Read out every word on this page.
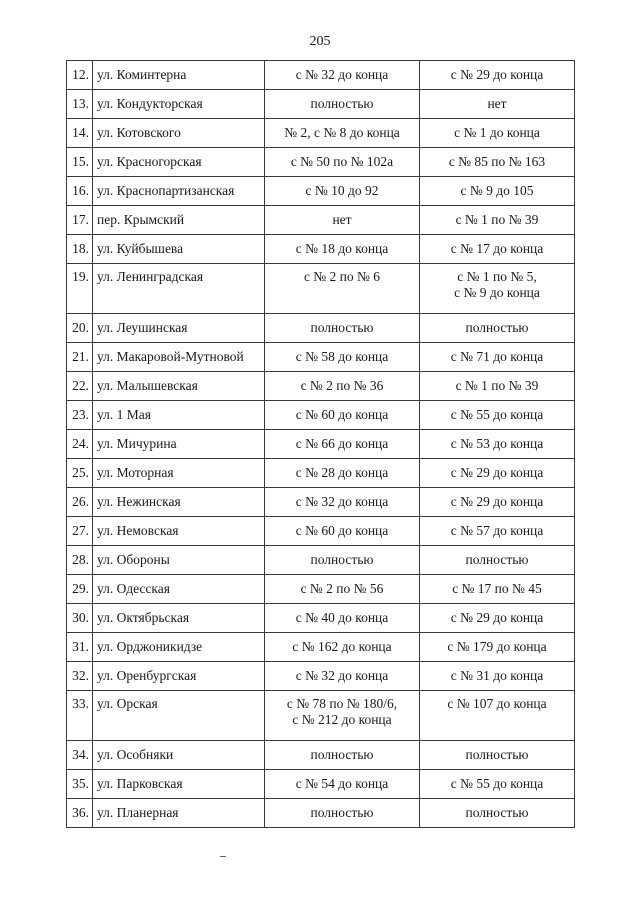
205
12.	ул. Коминтерна	с № 32 до конца	с № 29 до конца

13.	ул. Кондукторская	полностью	нет

14.	ул. Котовского	№ 2, с № 8 до конца	с № 1 до конца

15.	ул. Красногорская	с № 50 по № 102а	с № 85 по № 163

16.	ул. Краснопартизанская	с № 10 до 92	с № 9 до 105

17.	пер. Крымский	нет	с № 1 по № 39

18.	ул. Куйбышева	с № 18 до конца	с № 17 до конца

19.	ул. Ленинградская	с № 2 по № 6	с № 1 по № 5,
с № 9 до конца

20.	ул. Леушинская	полностью	полностью

21.	ул. Макаровой-Мутновой	с № 58 до конца	с № 71 до конца

22.	ул. Малышевская	с № 2 по № 36	с № 1 по № 39

23.	ул. 1 Мая	с № 60 до конца	с № 55 до конца

24.	ул. Мичурина	с № 66 до конца	с № 53 до конца

25.	ул. Моторная	с № 28 до конца	с № 29 до конца

26.	ул. Нежинская	с № 32 до конца	с № 29 до конца

27.	ул. Немовская	с № 60 до конца	с № 57 до конца

28.	ул. Обороны	полностью	полностью

29.	ул. Одесская	с № 2 по № 56	с № 17 по № 45

30.	ул. Октябрьская	с № 40 до конца	с № 29 до конца

31.	ул. Орджоникидзе	с № 162 до конца	с № 179 до конца

32.	ул. Оренбургская	с № 32 до конца	с № 31 до конца

33.	ул. Орская	с № 78 по № 180/6,
с № 212 до конца	с № 107 до конца

34.	ул. Особняки	полностью	полностью

35.	ул. Парковская	с № 54 до конца	с № 55 до конца

36.	ул. Планерная	полностью	полностью
